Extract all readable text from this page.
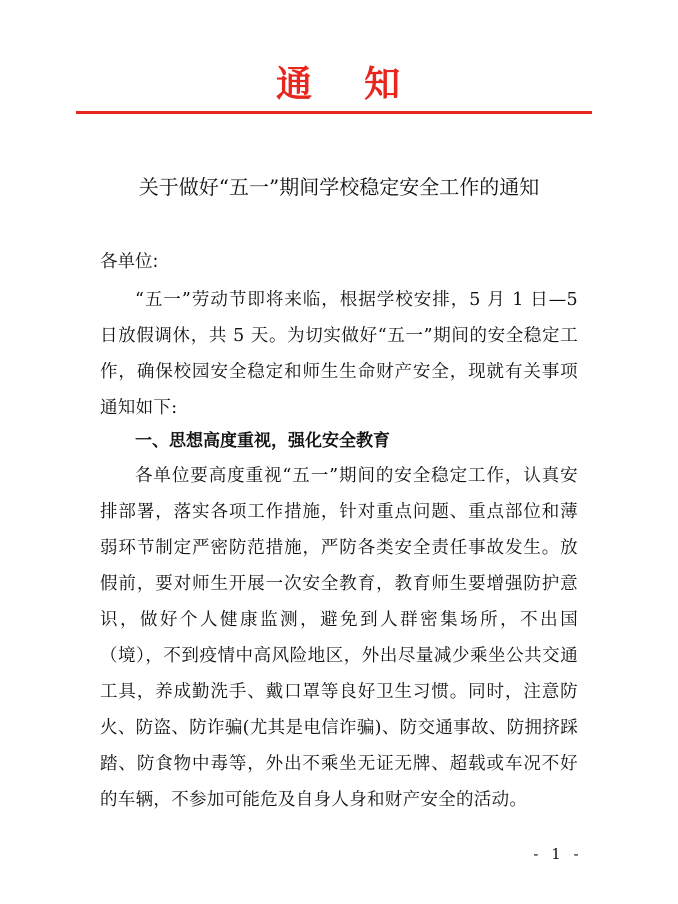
通 知
关于做好“五一”期间学校稳定安全工作的通知

各单位:

“五一”劳动节即将来临，根据学校安排，5 月 1 日—5 日放假调休，共 5 天。为切实做好“五一”期间的安全稳定工作，确保校园安全稳定和师生生命财产安全，现就有关事项通知如下:

一、思想高度重视，强化安全教育

各单位要高度重视“五一”期间的安全稳定工作，认真安排部署，落实各项工作措施，针对重点问题、重点部位和薄弱环节制定严密防范措施，严防各类安全责任事故发生。放假前，要对师生开展一次安全教育，教育师生要增强防护意识，做好个人健康监测，避免到人群密集场所，不出国（境），不到疫情中高风险地区，外出尽量减少乘坐公共交通工具，养成勤洗手、戴口罩等良好卫生习惯。同时，注意防火、防盗、防诈骗(尤其是电信诈骗)、防交通事故、防拥挤踩踏、防食物中毒等，外出不乘坐无证无牌、超载或车况不好的车辆，不参加可能危及自身人身和财产安全的活动。

- 1 -
